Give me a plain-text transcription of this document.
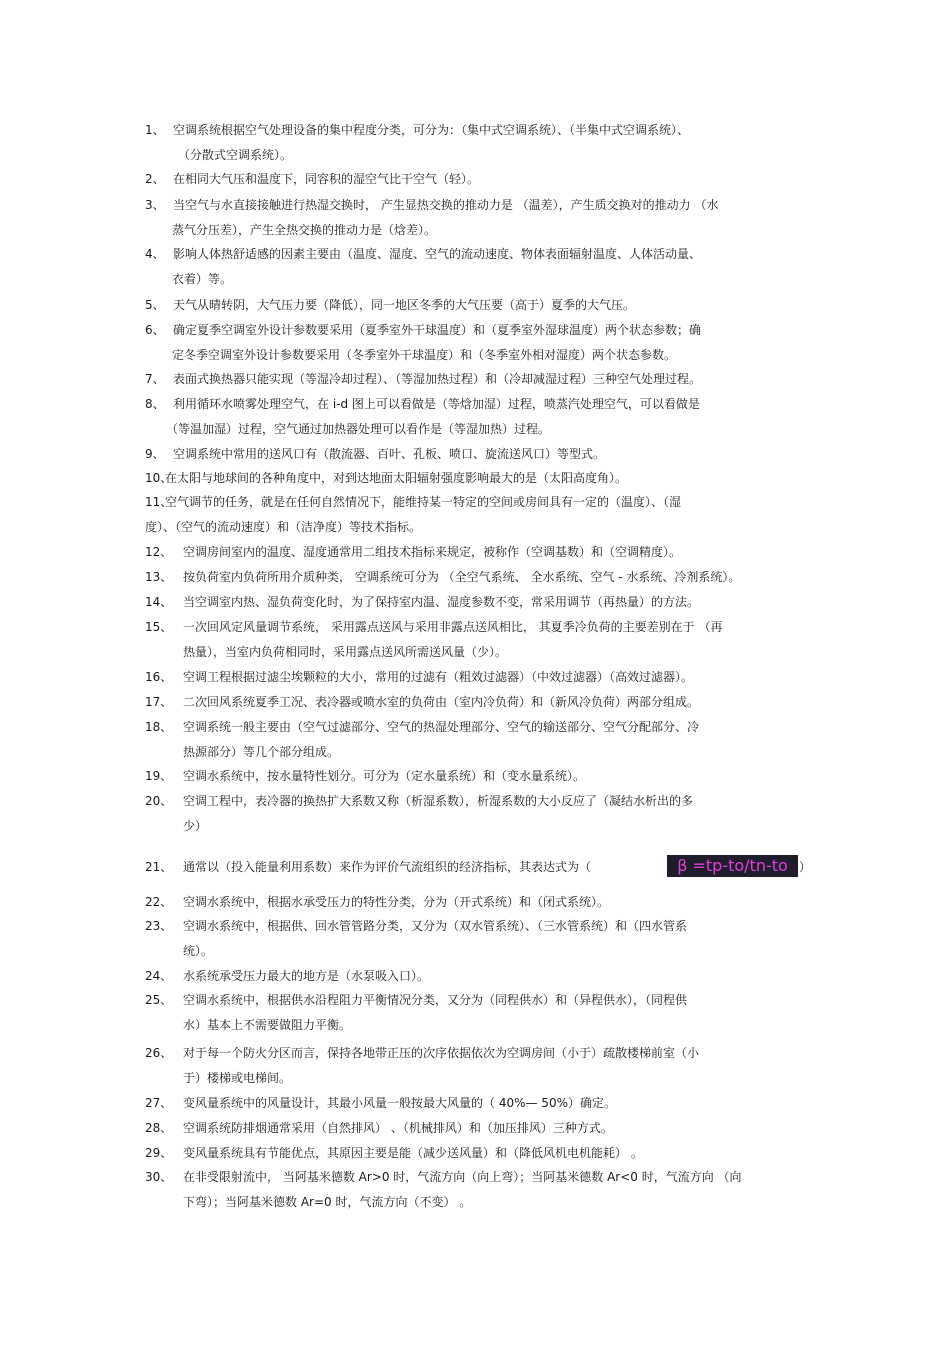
1、 空调系统根据空气处理设备的集中程度分类，可分为：（集中式空调系统）、（半集中式空调系统）、
（分散式空调系统）。
2、 在相同大气压和温度下，同容积的湿空气比干空气（轻）。
3、 当空气与水直接接触进行热湿交换时， 产生显热交换的推动力是 （温差），产生质交换对的推动力 （水
蒸气分压差），产生全热交换的推动力是（焓差）。
4、 影响人体热舒适感的因素主要由（温度、湿度、空气的流动速度、物体表面辐射温度、人体活动量、
衣着）等。
5、 天气从晴转阴，大气压力要（降低），同一地区冬季的大气压要（高于）夏季的大气压。
6、 确定夏季空调室外设计参数要采用（夏季室外干球温度）和（夏季室外湿球温度）两个状态参数；确
定冬季空调室外设计参数要采用（冬季室外干球温度）和（冬季室外相对湿度）两个状态参数。
7、 表面式换热器只能实现（等湿冷却过程）、（等湿加热过程）和（冷却减湿过程）三种空气处理过程。
8、 利用循环水喷雾处理空气，在 i-d 图上可以看做是（等焓加湿）过程，喷蒸汽处理空气，可以看做是
（等温加湿）过程，空气通过加热器处理可以看作是（等湿加热）过程。
9、 空调系统中常用的送风口有（散流器、百叶、孔板、喷口、旋流送风口）等型式。
10、
在太阳与地球间的各种角度中，对到达地面太阳辐射强度影响最大的是（太阳高度角）。
11、
空气调节的任务，就是在任何自然情况下，能维持某一特定的空间或房间具有一定的（温度）、（湿
度）、（空气的流动速度）和（洁净度）等技术指标。
12、 空调房间室内的温度、湿度通常用二组技术指标来规定，被称作（空调基数）和（空调精度）。
13、 按负荷室内负荷所用介质种类， 空调系统可分为 （全空气系统、 全水系统、空气 - 水系统、冷剂系统）。
14、 当空调室内热、湿负荷变化时，为了保持室内温、湿度参数不变，常采用调节（再热量）的方法。
15、 一次回风定风量调节系统， 采用露点送风与采用非露点送风相比， 其夏季冷负荷的主要差别在于 （再
热量），当室内负荷相同时，采用露点送风所需送风量（少）。
16、 空调工程根据过滤尘埃颗粒的大小，常用的过滤有（粗效过滤器）（中效过滤器）（高效过滤器）。
17、 二次回风系统夏季工况、表冷器或喷水室的负荷由（室内冷负荷）和（新风冷负荷）两部分组成。
18、 空调系统一般主要由（空气过滤部分、空气的热湿处理部分、空气的输送部分、空气分配部分、冷
热源部分）等几个部分组成。
19、 空调水系统中，按水量特性划分。可分为（定水量系统）和（变水量系统）。
20、 空调工程中，表冷器的换热扩大系数又称（析湿系数），析湿系数的大小反应了（凝结水析出的多
少）
21、 通常以（投入能量利用系数）来作为评价气流组织的经济指标，其表达式为（	β =tp-to/tn-to ）
22、 空调水系统中，根据水承受压力的特性分类，分为（开式系统）和（闭式系统）。
23、 空调水系统中，根据供、回水管管路分类，又分为（双水管系统）、（三水管系统）和（四水管系
统）。
24、 水系统承受压力最大的地方是（水泵吸入口）。
25、 空调水系统中，根据供水沿程阻力平衡情况分类，又分为（同程供水）和（异程供水），（同程供
水）基本上不需要做阻力平衡。
26、 对于每一个防火分区而言，保持各地带正压的次序依据依次为空调房间（小于）疏散楼梯前室（小
于）楼梯或电梯间。
27、 变风量系统中的风量设计，其最小风量一般按最大风量的（ 40%— 50%）确定。
28、 空调系统防排烟通常采用（自然排风） 、（机械排风）和（加压排风）三种方式。
29、 变风量系统具有节能优点，其原因主要是能（减少送风量）和（降低风机电机能耗） 。
30、 在非受限射流中， 当阿基米德数 Ar>0 时，气流方向（向上弯）；当阿基米德数 Ar<0 时，气流方向 （向
下弯）；当阿基米德数 Ar=0 时，气流方向（不变） 。
